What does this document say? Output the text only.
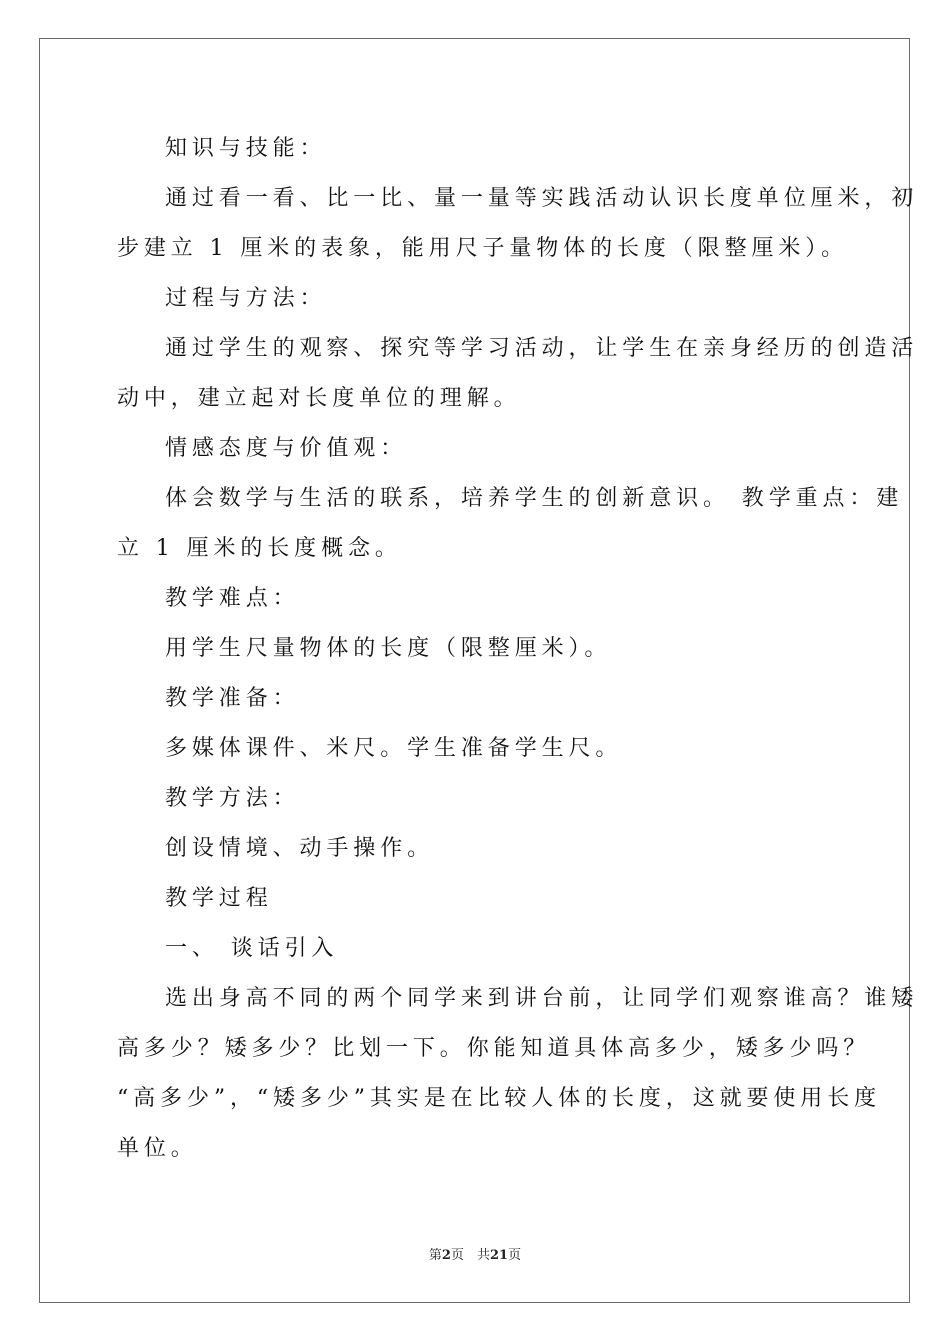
知识与技能：
通过看一看、比一比、量一量等实践活动认识长度单位厘米，初
步建立 1 厘米的表象，能用尺子量物体的长度（限整厘米）。
过程与方法：
通过学生的观察、探究等学习活动，让学生在亲身经历的创造活
动中，建立起对长度单位的理解。
情感态度与价值观：
体会数学与生活的联系，培养学生的创新意识。 教学重点：建
立 1 厘米的长度概念。
教学难点：
用学生尺量物体的长度（限整厘米）。
教学准备：
多媒体课件、米尺。学生准备学生尺。
教学方法：
创设情境、动手操作。
教学过程
一、 谈话引入
选出身高不同的两个同学来到讲台前，让同学们观察谁高？谁矮
高多少？矮多少？比划一下。你能知道具体高多少，矮多少吗？
“高多少”，“矮多少”其实是在比较人体的长度，这就要使用长度
单位。
第2页　共21页
